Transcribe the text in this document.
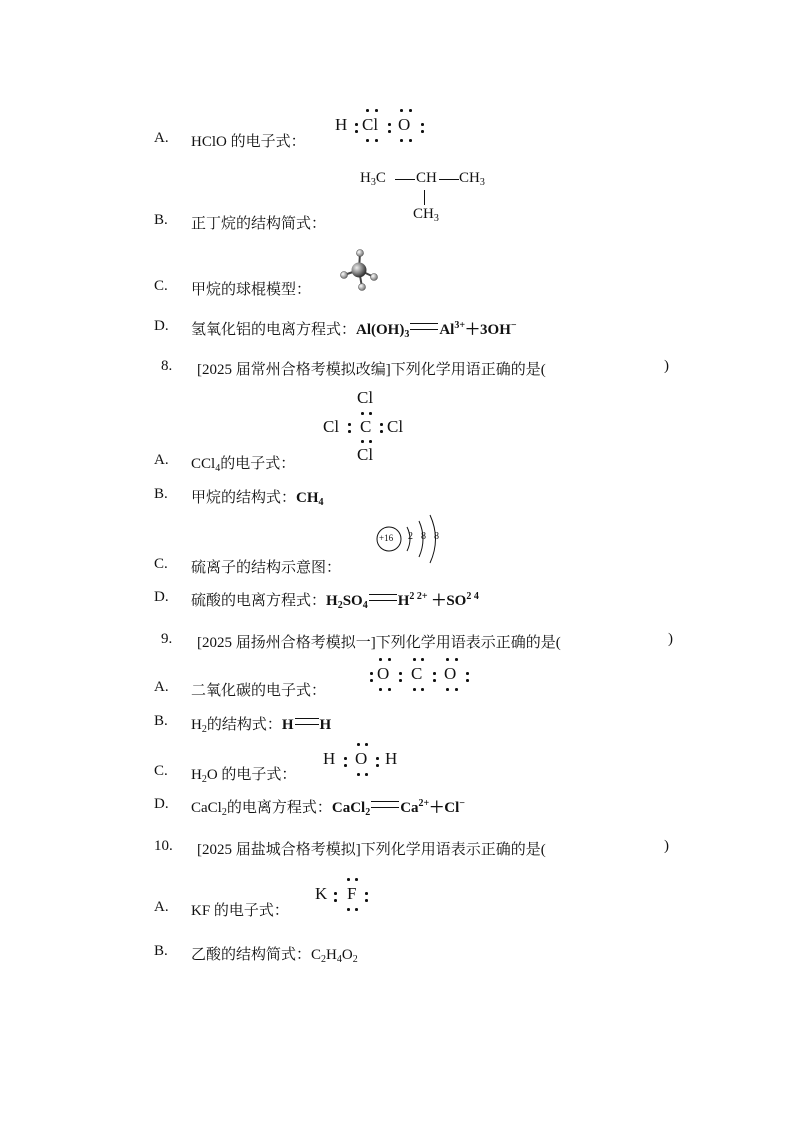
A. HClO 的电子式：
H Cl O
B. 正丁烷的结构简式：
$H_3C$ CH $CH_3$
$CH_3$
C. 甲烷的球棍模型：
D. 氢氧化铝的电离方程式：$Al(OH)_3$ $Al^{3+}+3OH^-$
8. [2025 届常州合格考模拟改编]下列化学用语正确的是(	)
A. CCl$_4$的电子式：
Cl
Cl C Cl
Cl
B. 甲烷的结构式：$CH_4$
C. 硫离子的结构示意图：
+16 2 8 8
D. 硫酸的电离方程式：$H_2SO_4$ $H^{2 2+} +SO^{2 4}$
9. [2025 届扬州合格考模拟一]下列化学用语表示正确的是(	)
A. 二氧化碳的电子式：
O C O
B. $H_2$的结构式：H H
C. $H_2O$ 的电子式：
H O H
D. CaCl$_2$的电离方程式：CaCl$_2$ $Ca^{2+}+Cl^-$
10. [2025 届盐城合格考模拟]下列化学用语表示正确的是(	)
A. KF 的电子式：
K F
B. 乙酸的结构简式：$C_2H_4O_2$
